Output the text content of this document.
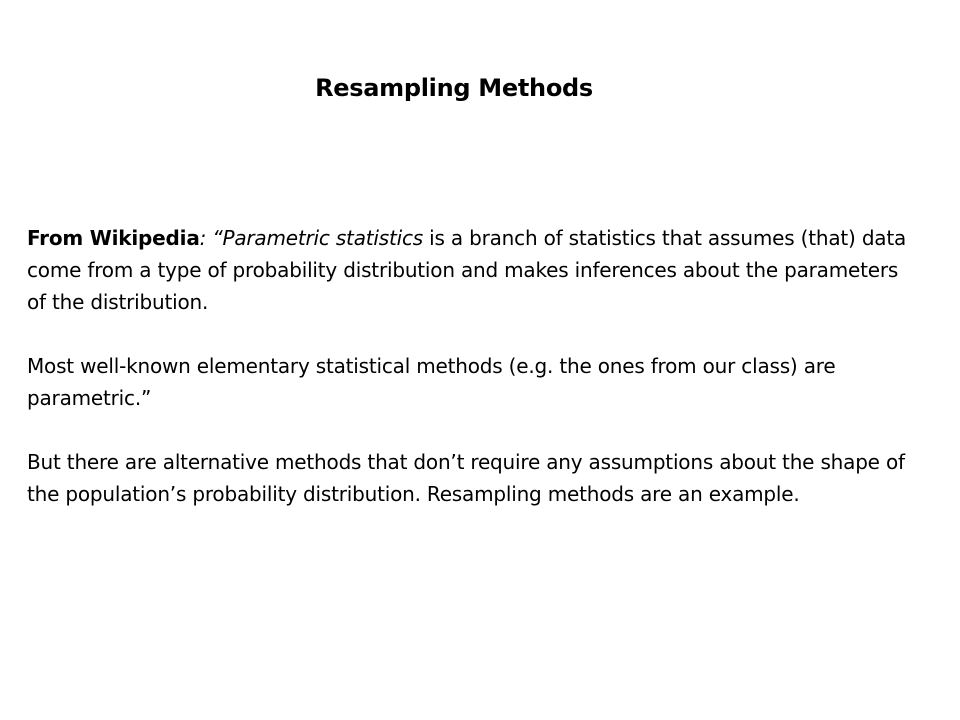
Resampling Methods

From Wikipedia: “Parametric statistics is a branch of statistics that assumes (that) data come from a type of probability distribution and makes inferences about the parameters of the distribution.

Most well-known elementary statistical methods (e.g. the ones from our class) are parametric.”

But there are alternative methods that don’t require any assumptions about the shape of the population’s probability distribution. Resampling methods are an example.
